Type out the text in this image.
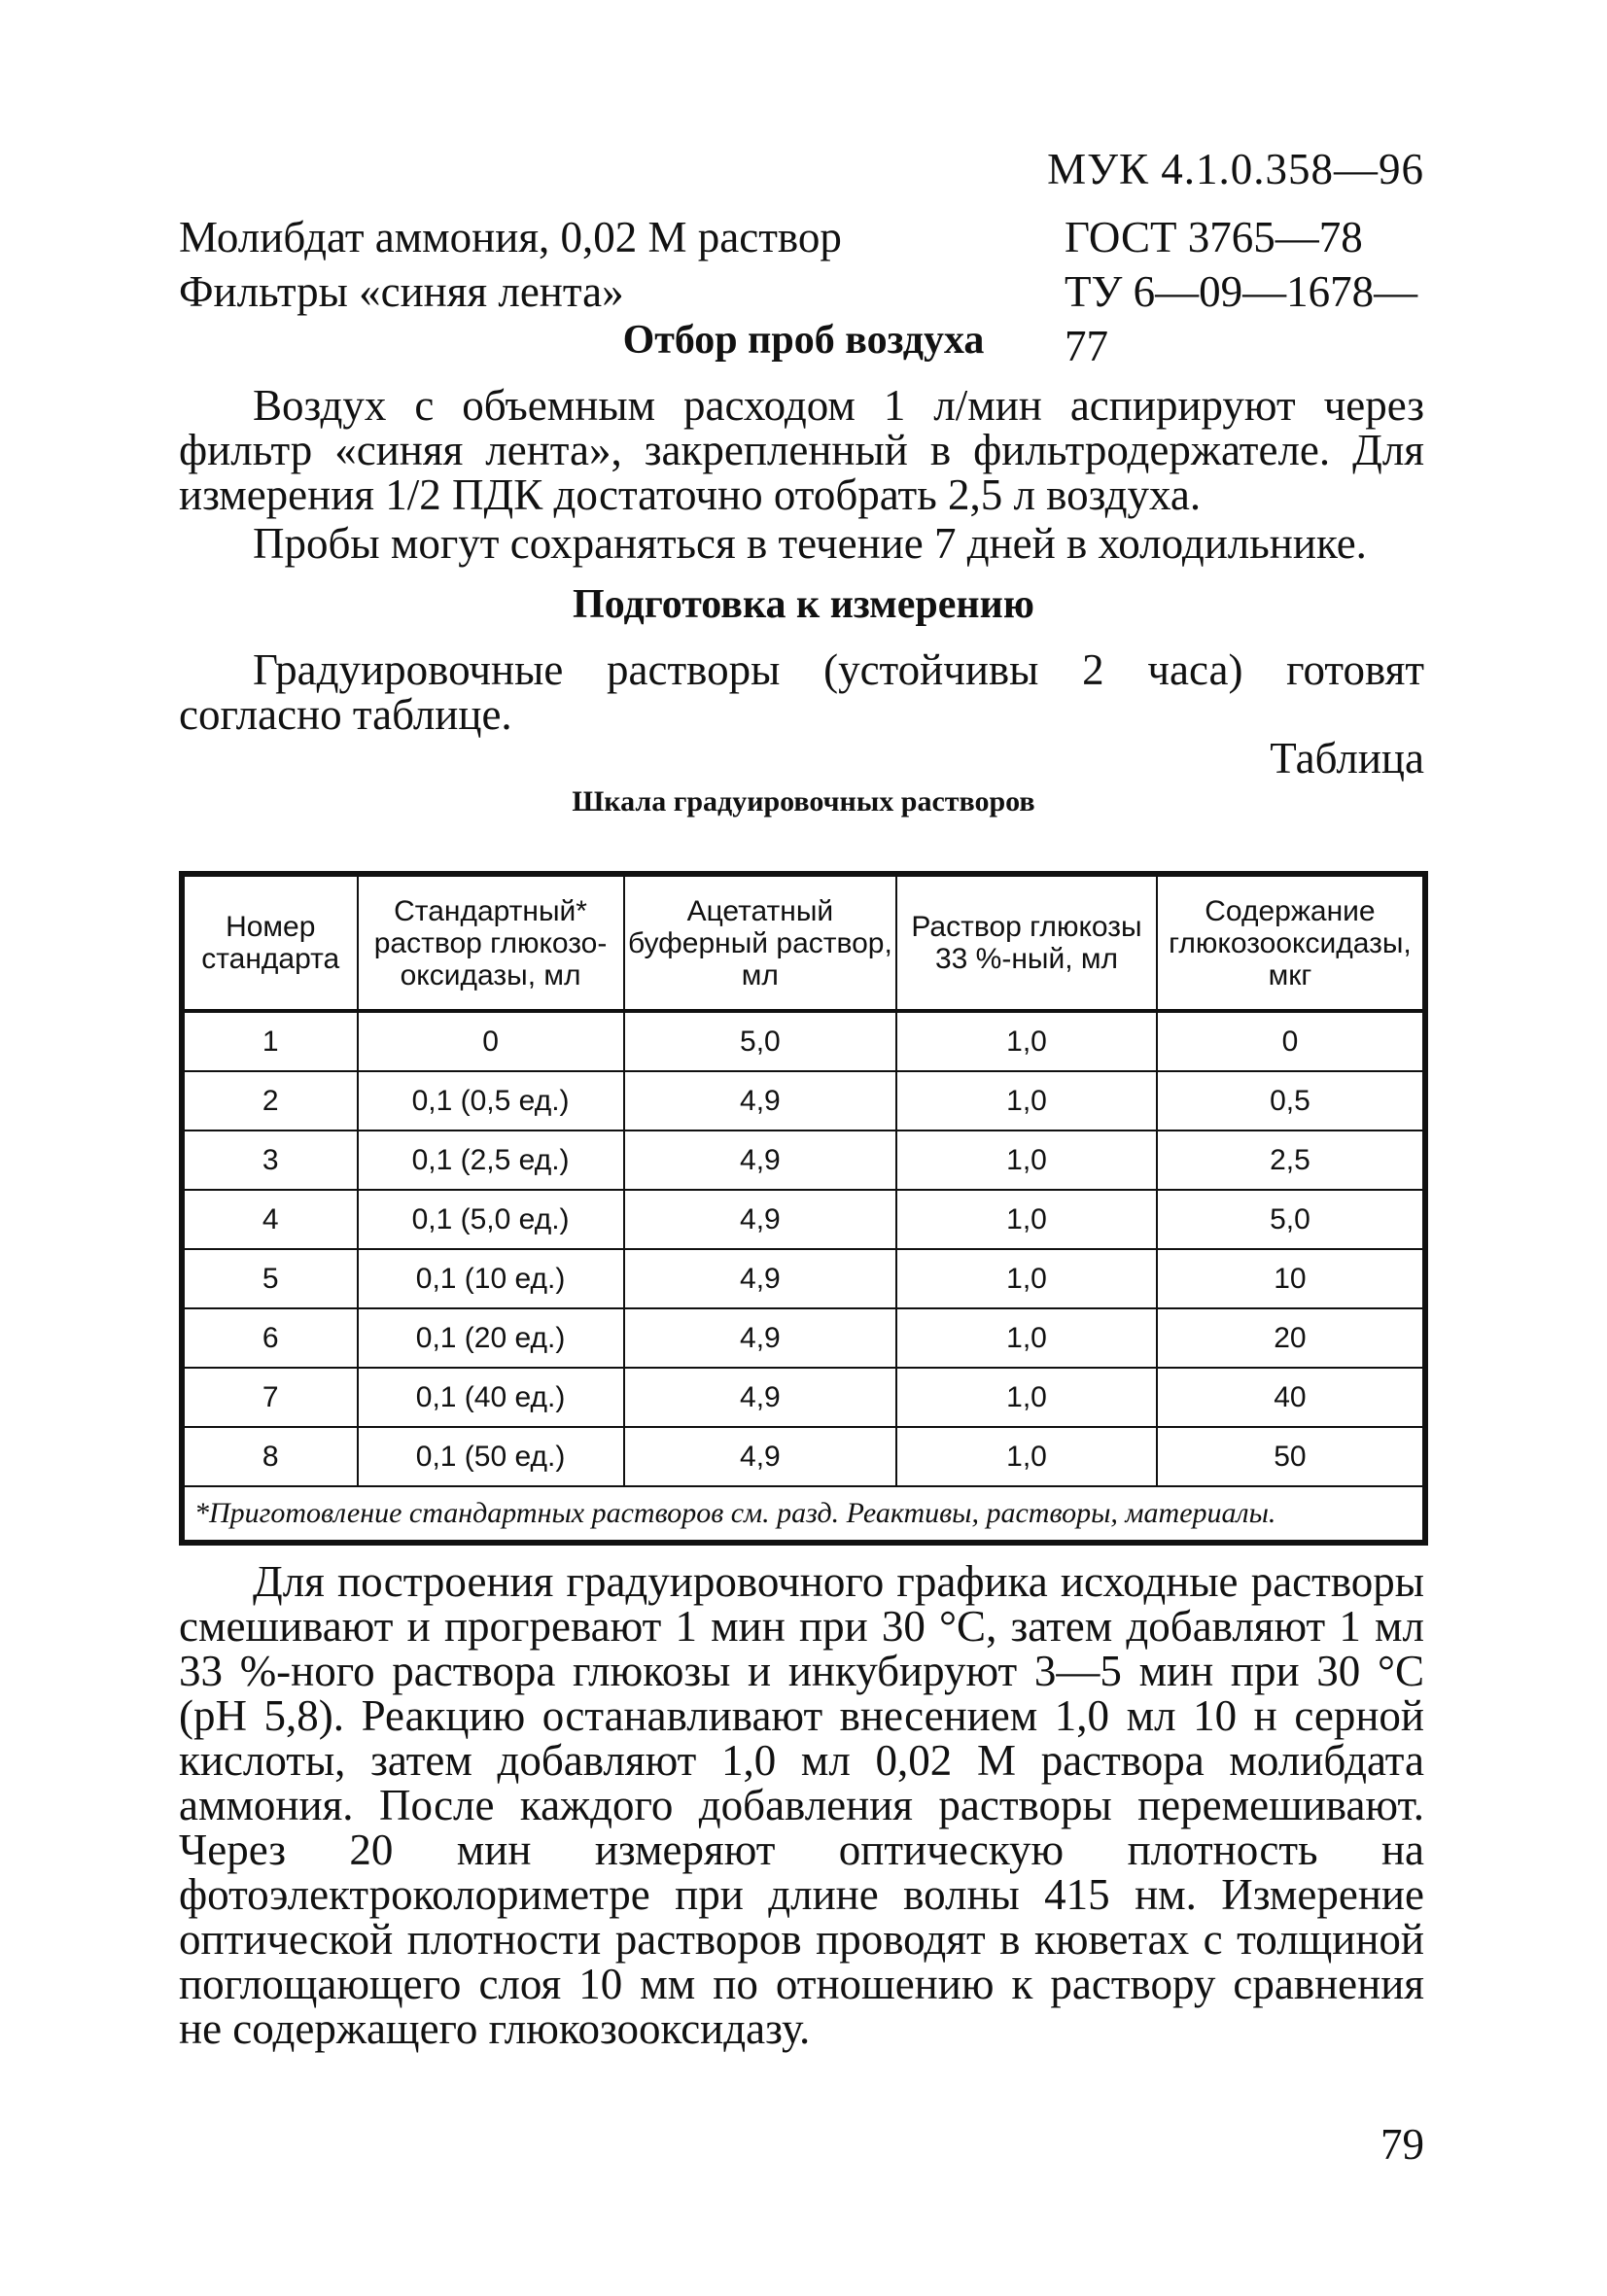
МУК 4.1.0.358—96

Молибдат аммония, 0,02 М раствор	ГОСТ 3765—78
Фильтры «синяя лента»	ТУ 6—09—1678—77
Отбор проб воздуха

Воздух с объемным расходом 1 л/мин аспирируют через фильтр «синяя лента», закрепленный в фильтродержателе. Для измерения 1/2 ПДК достаточно отобрать 2,5 л воздуха.

Пробы могут сохраняться в течение 7 дней в холодильнике.

Подготовка к измерению

Градуировочные растворы (устойчивы 2 часа) готовят согласно таблице.

Таблица

Шкала градуировочных растворов

Номер стандарта	Стандартный* раствор глюкозо-оксидазы, мл	Ацетатный буферный раствор, мл	Раствор глюкозы 33 %-ный, мл	Содержание глюкозооксидазы, мкг
1	0	5,0	1,0	0
2	0,1 (0,5 ед.)	4,9	1,0	0,5
3	0,1 (2,5 ед.)	4,9	1,0	2,5
4	0,1 (5,0 ед.)	4,9	1,0	5,0
5	0,1 (10 ед.)	4,9	1,0	10
6	0,1 (20 ед.)	4,9	1,0	20
7	0,1 (40 ед.)	4,9	1,0	40
8	0,1 (50 ед.)	4,9	1,0	50
*Приготовление стандартных растворов см. разд. Реактивы, растворы, материалы.				

Для построения градуировочного графика исходные растворы смешивают и прогревают 1 мин при 30 °С, затем добавляют 1 мл 33 %-ного раствора глюкозы и инкубируют 3—5 мин при 30 °С (рН 5,8). Реакцию останавливают внесением 1,0 мл 10 н серной кислоты, затем добавляют 1,0 мл 0,02 М раствора молибдата аммония. После каждого добавления растворы перемешивают. Через 20 мин измеряют оптическую плотность на фотоэлектроколориметре при длине волны 415 нм. Измерение оптической плотности растворов проводят в кюветах с толщиной поглощающего слоя 10 мм по отношению к раствору сравнения не содержащего глюкозооксидазу.

79
